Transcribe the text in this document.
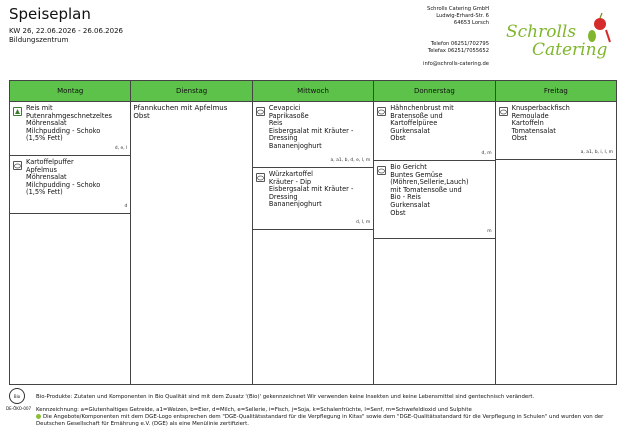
Speiseplan
KW 26, 22.06.2026 - 26.06.2026
Bildungszentrum
Schrolls Catering GmbH
Ludwig-Erhard-Str. 6
64653 Lorsch
Telefon 06251/702795
Telefax 06251/7055652
info@schrolls-catering.de
Schrolls
Catering
Montag
Reis mit
Putenrahmgeschnetzeltes
Möhrensalat
Milchpudding - Schoko
(1,5% Fett)
d, e, l
Kartoffelpuffer
Apfelmus
Möhrensalat
Milchpudding - Schoko
(1,5% Fett)
d
Dienstag
Pfannkuchen mit Apfelmus
Obst
Mittwoch
Cevapcici
Paprikasoße
Reis
Eisbergsalat mit Kräuter -
Dressing
Bananenjoghurt
a, a1, b, d, e, l, m
Würzkartoffel
Kräuter - Dip
Eisbergsalat mit Kräuter -
Dressing
Bananenjoghurt
d, l, m
Donnerstag
Hähnchenbrust mit
Bratensoße und
Kartoffelpüree
Gurkensalat
Obst
d, m
Bio Gericht
Buntes Gemüse
(Möhren,Sellerie,Lauch)
mit Tomatensoße und
Bio - Reis
Gurkensalat
Obst
m
Freitag
Knusperbackfisch
Remoulade
Kartoffeln
Tomatensalat
Obst
a, a1, b, i, l, m
Bio
DE-ÖKO-007
Bio-Produkte: Zutaten und Komponenten in Bio Qualität sind mit dem Zusatz '(Bio)' gekennzeichnet Wir verwenden keine Insekten und keine Lebensmittel sind gentechnisch verändert.
Kennzeichnung: a=Glutenhaltiges Getreide, a1=Weizen, b=Eier, d=Milch, e=Sellerie, i=Fisch, j=Soja, k=Schalenfrüchte, l=Senf, m=Schwefeldioxid und Sulphite
Die Angebote/Komponenten mit dem DGE-Logo entsprechen dem "DGE-Qualitätsstandard für die Verpflegung in Kitas" sowie dem "DGE-Qualitätsstandard für die Verpflegung in Schulen" und wurden von der Deutschen Gesellschaft für Ernährung e.V. (DGE) als eine Menülinie zertifiziert.
